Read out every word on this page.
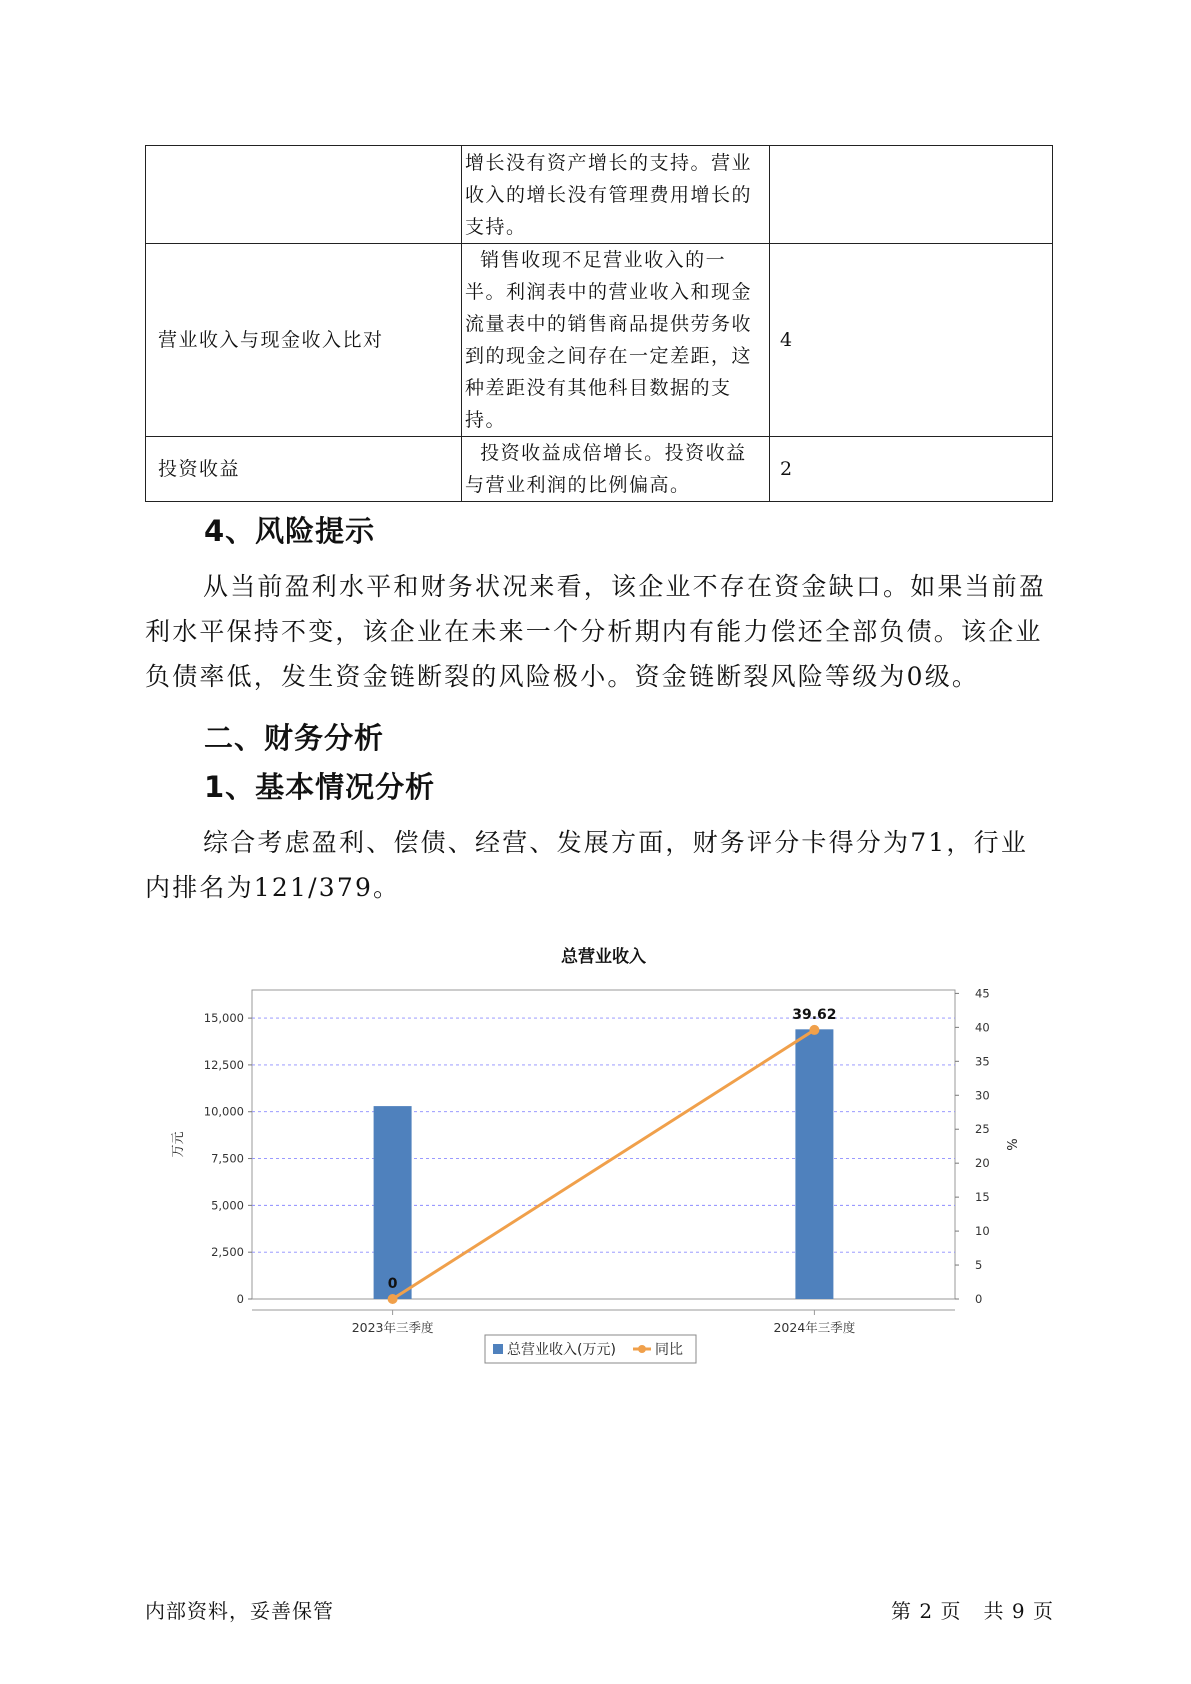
	增长没有资产增长的支持。营业收入的增长没有管理费用增长的支持。	
营业收入与现金收入比对	销售收现不足营业收入的一半。利润表中的营业收入和现金流量表中的销售商品提供劳务收到的现金之间存在一定差距，这种差距没有其他科目数据的支持。	4
投资收益	投资收益成倍增长。投资收益与营业利润的比例偏高。	2
4、风险提示

从当前盈利水平和财务状况来看，该企业不存在资金缺口。如果当前盈利水平保持不变，该企业在未来一个分析期内有能力偿还全部负债。该企业负债率低，发生资金链断裂的风险极小。资金链断裂风险等级为0级。

二、财务分析
1、基本情况分析

综合考虑盈利、偿债、经营、发展方面，财务评分卡得分为71，行业内排名为121/379。

总营业收入
0
2,500
5,000
7,500
10,000
12,500
15,000
0
5
10
15
20
25
30
35
40
45
万元	%
2023年三季度	2024年三季度
0
39.62
总营业收入(万元)	同比
内部资料，妥善保管	第 2 页   共 9 页
